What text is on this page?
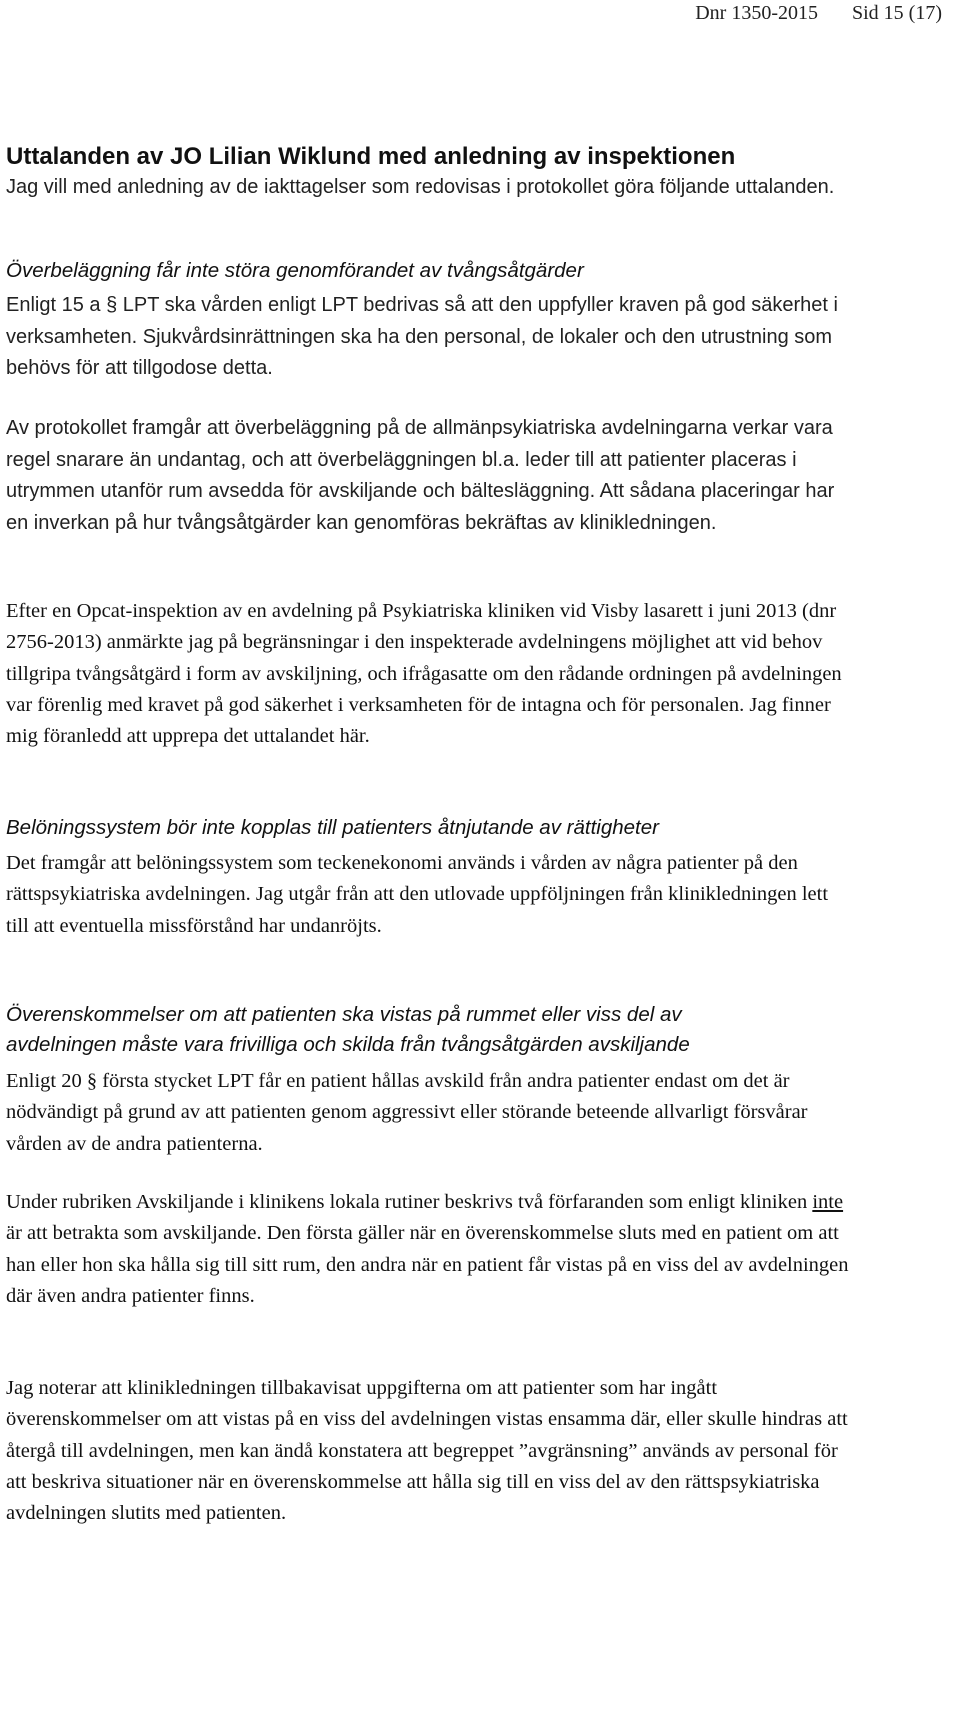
Dnr 1350-2015 Sid 15 (17)
Uttalanden av JO Lilian Wiklund med anledning av inspektionen
Jag vill med anledning av de iakttagelser som redovisas i protokollet göra följande uttalanden.
Överbeläggning får inte störa genomförandet av tvångsåtgärder
Enligt 15 a § LPT ska vården enligt LPT bedrivas så att den uppfyller kraven på god säkerhet i verksamheten. Sjukvårdsinrättningen ska ha den personal, de lokaler och den utrustning som behövs för att tillgodose detta.
Av protokollet framgår att överbeläggning på de allmänpsykiatriska avdelningarna verkar vara regel snarare än undantag, och att överbeläggningen bl.a. leder till att patienter placeras i utrymmen utanför rum avsedda för avskiljande och bältesläggning. Att sådana placeringar har en inverkan på hur tvångsåtgärder kan genomföras bekräftas av klinikledningen.
Efter en Opcat-inspektion av en avdelning på Psykiatriska kliniken vid Visby lasarett i juni 2013 (dnr 2756-2013) anmärkte jag på begränsningar i den inspekterade avdelningens möjlighet att vid behov tillgripa tvångsåtgärd i form av avskiljning, och ifrågasatte om den rådande ordningen på avdelningen var förenlig med kravet på god säkerhet i verksamheten för de intagna och för personalen. Jag finner mig föranledd att upprepa det uttalandet här.
Belöningssystem bör inte kopplas till patienters åtnjutande av rättigheter
Det framgår att belöningssystem som teckenekonomi används i vården av några patienter på den rättspsykiatriska avdelningen. Jag utgår från att den utlovade uppföljningen från klinikledningen lett till att eventuella missförstånd har undanröjts.
Överenskommelser om att patienten ska vistas på rummet eller viss del av
avdelningen måste vara frivilliga och skilda från tvångsåtgärden avskiljande
Enligt 20 § första stycket LPT får en patient hållas avskild från andra patienter endast om det är nödvändigt på grund av att patienten genom aggressivt eller störande beteende allvarligt försvårar vården av de andra patienterna.
Under rubriken Avskiljande i klinikens lokala rutiner beskrivs två förfaranden som enligt kliniken inte är att betrakta som avskiljande. Den första gäller när en överenskommelse sluts med en patient om att han eller hon ska hålla sig till sitt rum, den andra när en patient får vistas på en viss del av avdelningen där även andra patienter finns.
Jag noterar att klinikledningen tillbakavisat uppgifterna om att patienter som har ingått överenskommelser om att vistas på en viss del avdelningen vistas ensamma där, eller skulle hindras att återgå till avdelningen, men kan ändå konstatera att begreppet ”avgränsning” används av personal för att beskriva situationer när en överenskommelse att hålla sig till en viss del av den rättspsykiatriska avdelningen slutits med patienten.
